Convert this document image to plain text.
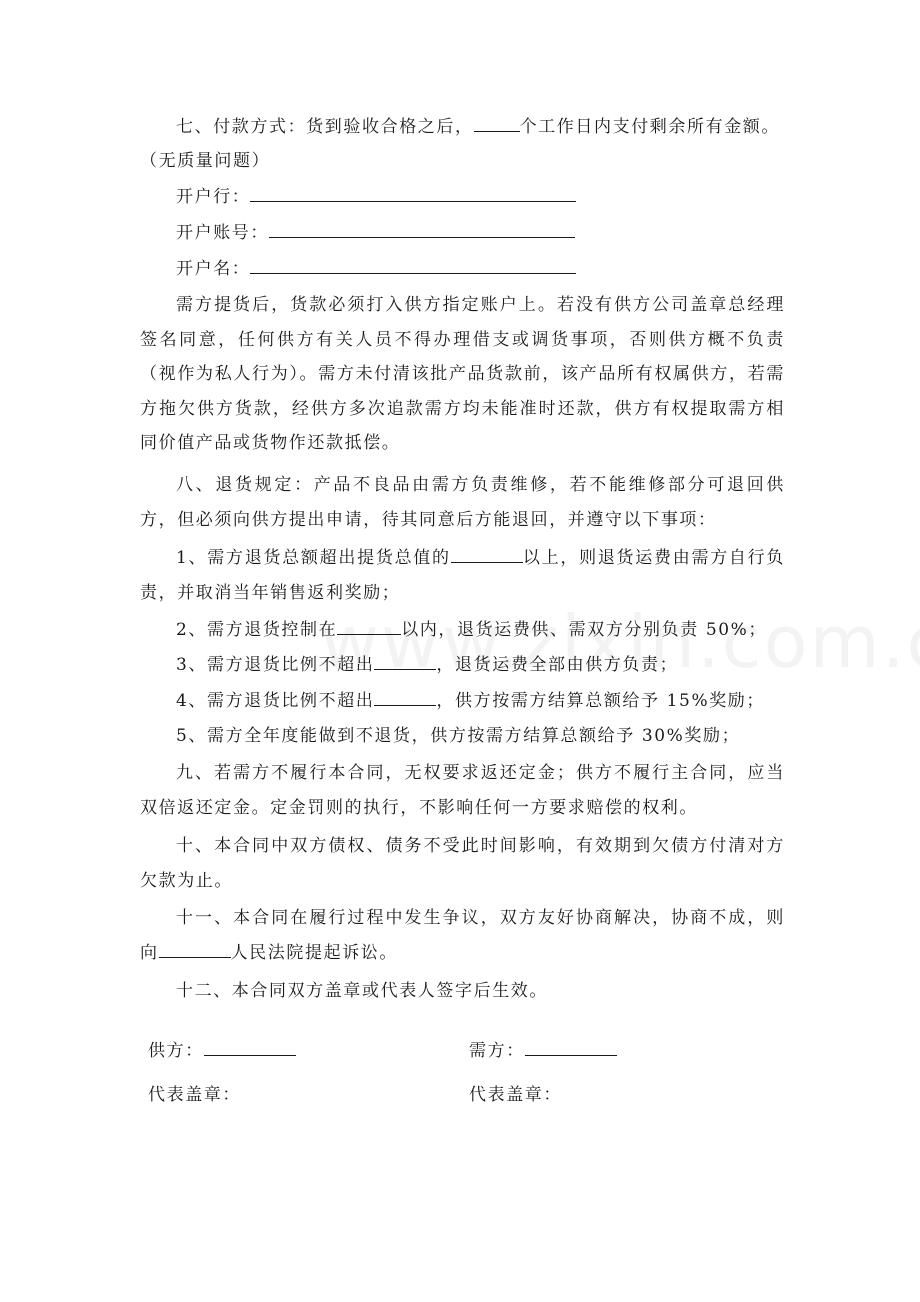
七、付款方式：货到验收合格之后，	个工作日内支付剩余所有金额。

（无质量问题）

开户行：
开户账号：
开户名：

需方提货后，货款必须打入供方指定账户上。若没有供方公司盖章总经理签名同意，任何供方有关人员不得办理借支或调货事项，否则供方概不负责（视作为私人行为）。需方未付清该批产品货款前，该产品所有权属供方，若需方拖欠供方货款，经供方多次追款需方均未能准时还款，供方有权提取需方相同价值产品或货物作还款抵偿。

八、退货规定：产品不良品由需方负责维修，若不能维修部分可退回供方，但必须向供方提出申请，待其同意后方能退回，并遵守以下事项：

1、需方退货总额超出提货总值的	以上，则退货运费由需方自行负责，并取消当年销售返利奖励；

2、需方退货控制在	以内，退货运费供、需双方分别负责 50%；

3、需方退货比例不超出	，退货运费全部由供方负责；

4、需方退货比例不超出	，供方按需方结算总额给予 15%奖励；

5、需方全年度能做到不退货，供方按需方结算总额给予 30%奖励；

九、若需方不履行本合同，无权要求返还定金；供方不履行主合同，应当双倍返还定金。定金罚则的执行，不影响任何一方要求赔偿的权利。

十、本合同中双方债权、债务不受此时间影响，有效期到欠债方付清对方欠款为止。

十一、本合同在履行过程中发生争议，双方友好协商解决，协商不成，则向	人民法院提起诉讼。

十二、本合同双方盖章或代表人签字后生效。

供方：	需方：
代表盖章：	代表盖章：
